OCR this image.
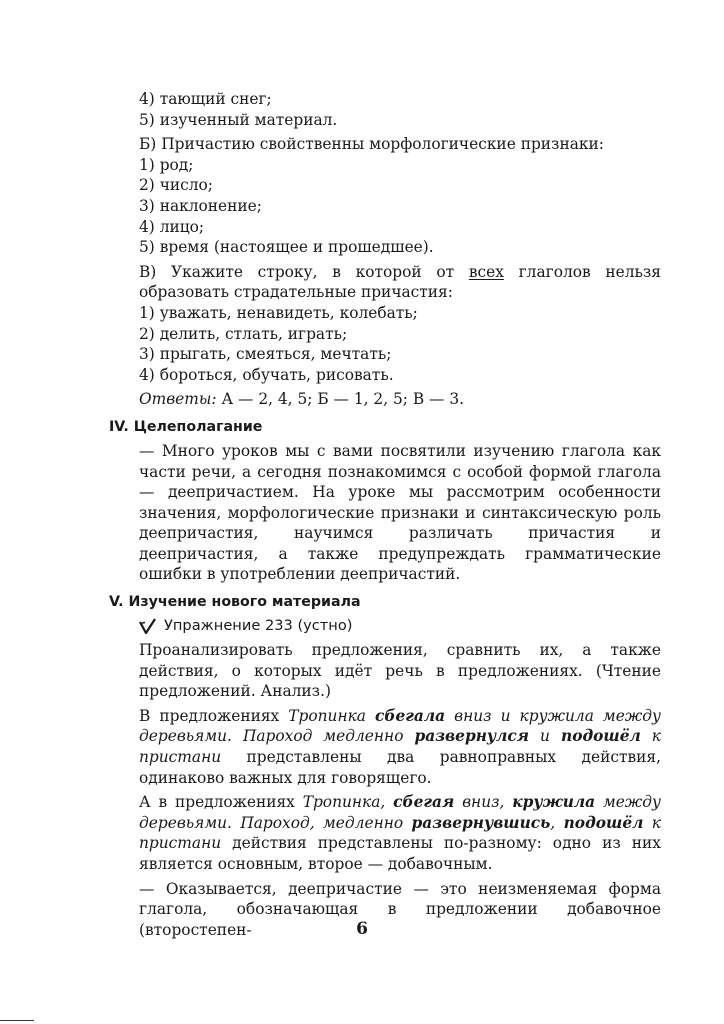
4) тающий снег;

5) изученный материал.

Б) Причастию свойственны морфологические признаки:

1) род;

2) число;

3) наклонение;

4) лицо;

5) время (настоящее и прошедшее).

В) Укажите строку, в которой от всех глаголов нельзя образовать страдательные причастия:

1) уважать, ненавидеть, колебать;

2) делить, стлать, играть;

3) прыгать, смеяться, мечтать;

4) бороться, обучать, рисовать.

Ответы: А — 2, 4, 5; Б — 1, 2, 5; В — 3.

IV. Целеполагание

— Много уроков мы с вами посвятили изучению глагола как части речи, а сегодня познакомимся с особой формой глагола — деепричастием. На уроке мы рассмотрим особенности значения, морфологические признаки и синтаксическую роль деепричастия, научимся различать причастия и деепричастия, а также предупреждать грамматические ошибки в употреблении деепричастий.

V. Изучение нового материала

Упражнение 233 (устно)

Проанализировать предложения, сравнить их, а также действия, о которых идёт речь в предложениях. (Чтение предложений. Анализ.)

В предложениях Тропинка сбегала вниз и кружила между деревьями. Пароход медленно развернулся и подошёл к пристани представлены два равноправных действия, одинаково важных для говорящего.

А в предложениях Тропинка, сбегая вниз, кружила между деревьями. Пароход, медленно развернувшись, подошёл к пристани действия представлены по-разному: одно из них является основным, второе — добавочным.

— Оказывается, деепричастие — это неизменяемая форма глагола, обозначающая в предложении добавочное (второстепен-	6
